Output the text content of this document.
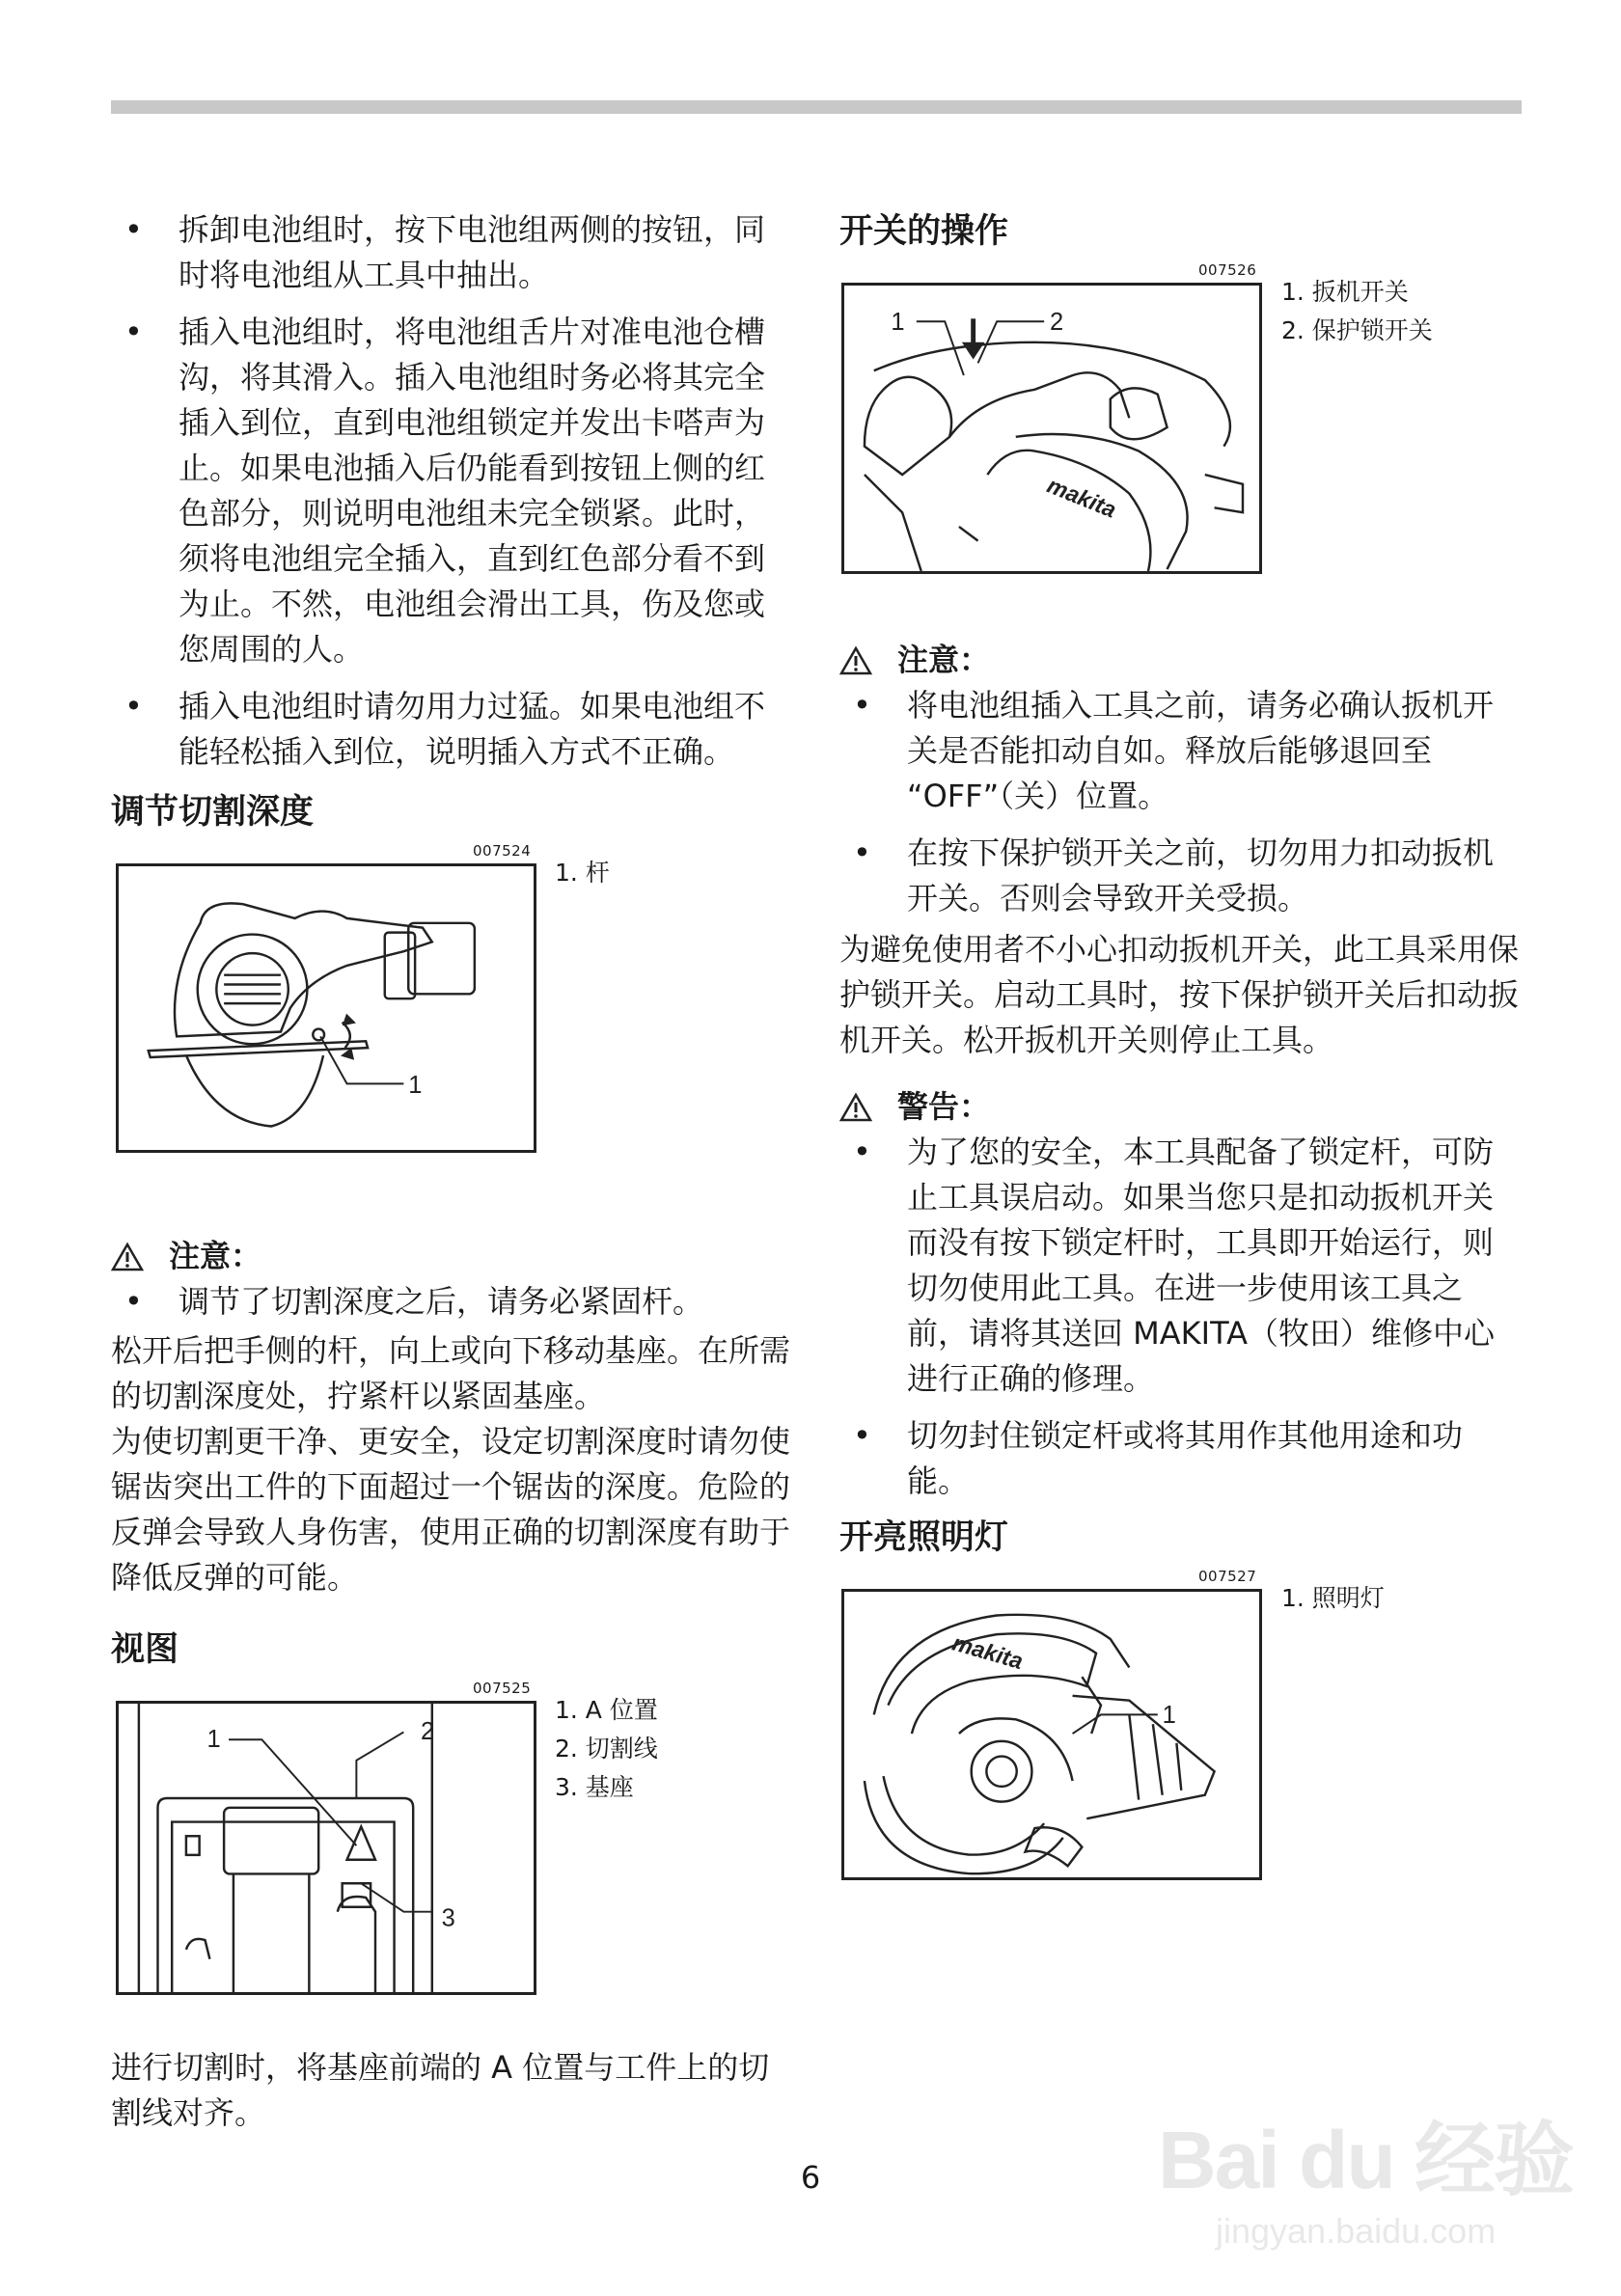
• 拆卸电池组时，按下电池组两侧的按钮，同时将电池组从工具中抽出。
• 插入电池组时，将电池组舌片对准电池仓槽沟，将其滑入。插入电池组时务必将其完全插入到位，直到电池组锁定并发出卡嗒声为止。如果电池插入后仍能看到按钮上侧的红色部分，则说明电池组未完全锁紧。此时，须将电池组完全插入，直到红色部分看不到为止。不然，电池组会滑出工具，伤及您或您周围的人。
• 插入电池组时请勿用力过猛。如果电池组不能轻松插入到位，说明插入方式不正确。
调节切割深度
007524
1
1. 杆
注意：
• 调节了切割深度之后，请务必紧固杆。

松开后把手侧的杆，向上或向下移动基座。在所需的切割深度处，拧紧杆以紧固基座。

为使切割更干净、更安全，设定切割深度时请勿使锯齿突出工件的下面超过一个锯齿的深度。危险的反弹会导致人身伤害，使用正确的切割深度有助于降低反弹的可能。

视图
007525
1	2
3
1. A 位置
2. 切割线
3. 基座

进行切割时，将基座前端的 A 位置与工件上的切割线对齐。

开关的操作
007526
1	2
makita
1. 扳机开关
2. 保护锁开关
注意：
• 将电池组插入工具之前，请务必确认扳机开关是否能扣动自如。释放后能够退回至 “OFF”（关）位置。
• 在按下保护锁开关之前，切勿用力扣动扳机开关。否则会导致开关受损。

为避免使用者不小心扣动扳机开关，此工具采用保护锁开关。启动工具时，按下保护锁开关后扣动扳机开关。松开扳机开关则停止工具。

警告：
• 为了您的安全，本工具配备了锁定杆，可防止工具误启动。如果当您只是扣动扳机开关而没有按下锁定杆时，工具即开始运行，则切勿使用此工具。在进一步使用该工具之前，请将其送回 MAKITA（牧田）维修中心进行正确的修理。
• 切勿封住锁定杆或将其用作其他用途和功能。
开亮照明灯
007527
1
makita
1. 照明灯
6	Bai du 经验
jingyan.baidu.com
